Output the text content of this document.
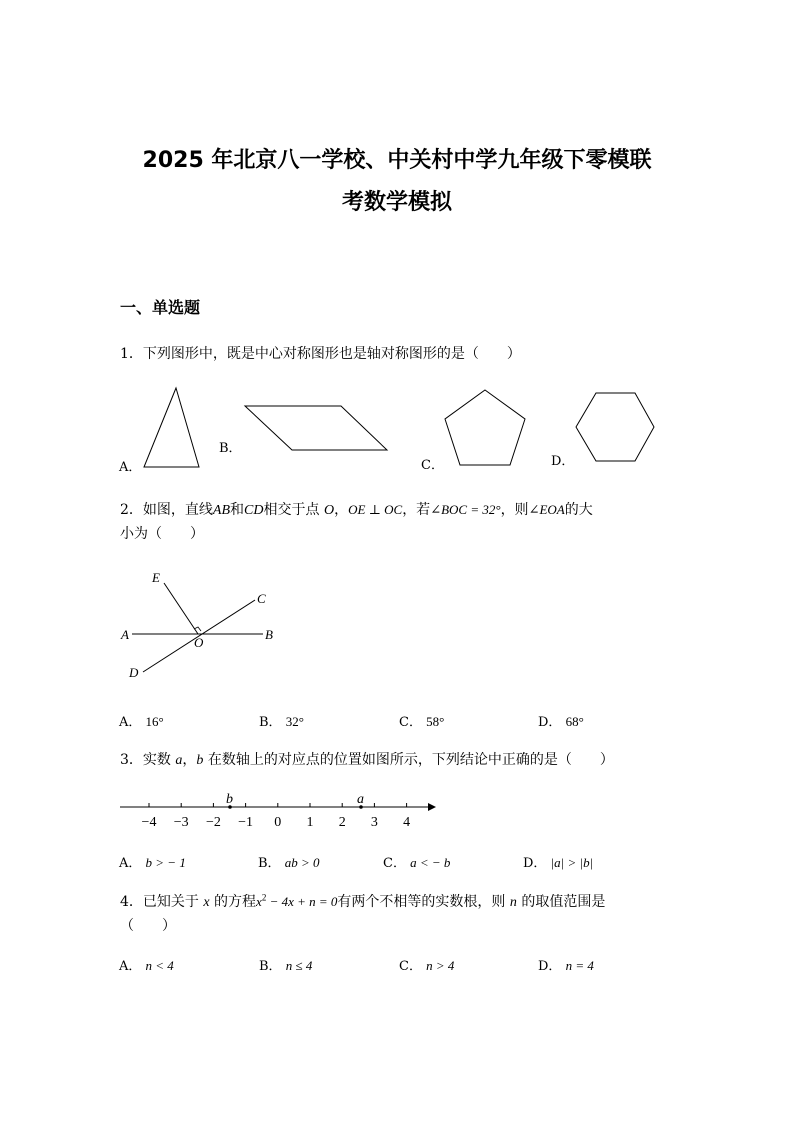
2025 年北京八一学校、中关村中学九年级下零模联
考数学模拟
一、单选题
1．下列图形中，既是中心对称图形也是轴对称图形的是（　　）
A．
B．
C．	D．
2．如图，直线AB和CD相交于点 O，OE ⊥ OC，若∠BOC = 32°，则∠EOA的大
小为（　　）
E
C
A
O
B
D
A． 16°	B． 32°	C． 58°	D． 68°
3．实数 a，b 在数轴上的对应点的位置如图所示，下列结论中正确的是（　　）
−4 −3 −2 −1 0 1 2 3 4
b	a
A． b > − 1	B． ab > 0	C． a < − b	D． |a| > |b|
4．已知关于 x 的方程$x^2 - 4x + n = 0$有两个不相等的实数根，则 n 的取值范围是
（　　）
A． n < 4	B． n ≤ 4	C． n > 4	D． n = 4
